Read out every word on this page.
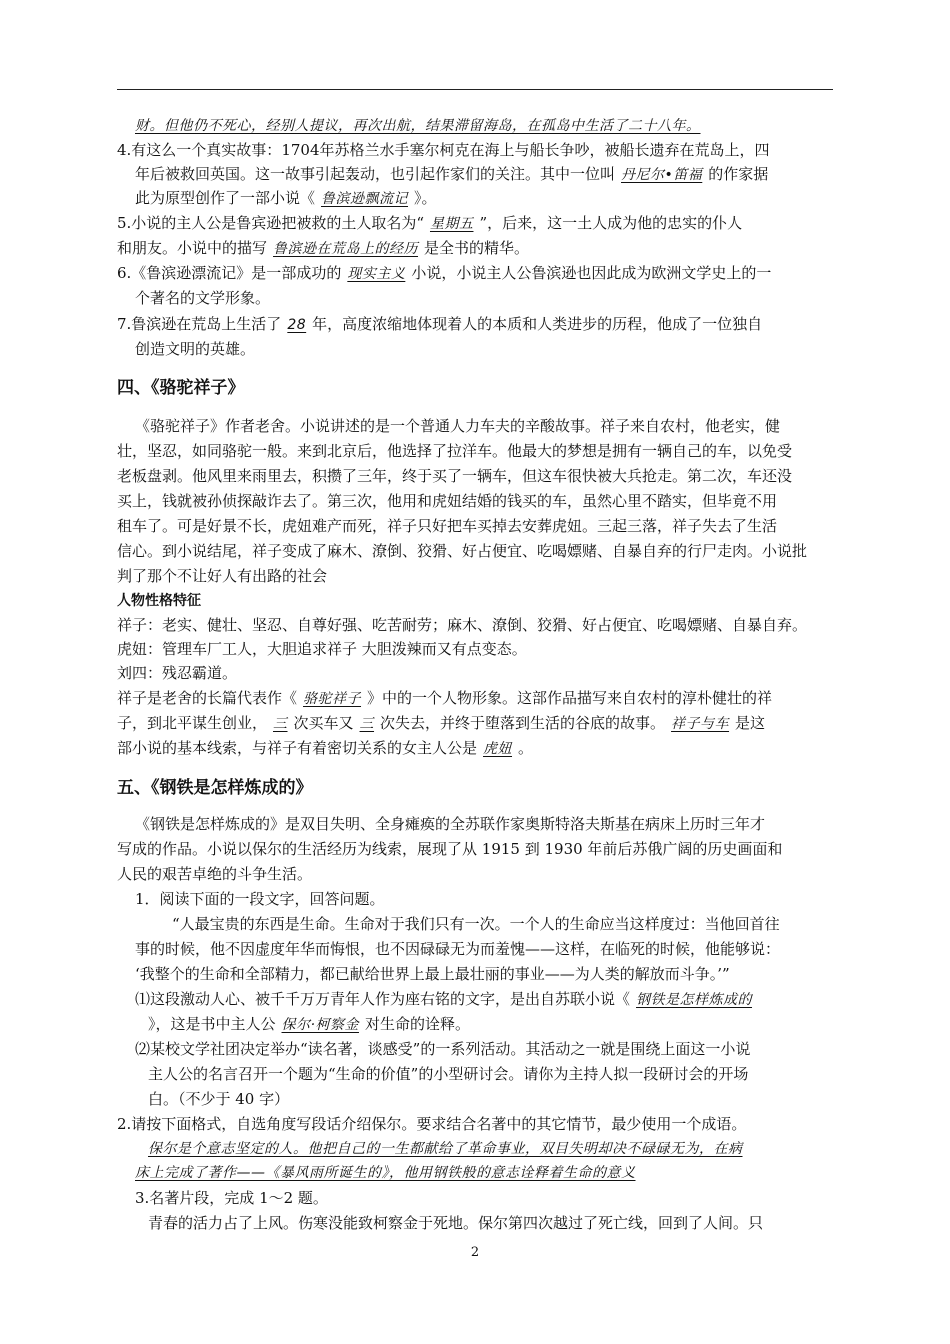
财。但他仍不死心，经别人提议，再次出航，结果滞留海岛，在孤岛中生活了二十八年。
4.有这么一个真实故事：1704年苏格兰水手塞尔柯克在海上与船长争吵，被船长遗弃在荒岛上，四
年后被救回英国。这一故事引起轰动，也引起作家们的关注。其中一位叫 丹尼尔•笛福 的作家据
此为原型创作了一部小说《 鲁滨逊飘流记 》。
5.小说的主人公是鲁宾逊把被救的土人取名为“ 星期五 ”，后来，这一土人成为他的忠实的仆人
和朋友。小说中的描写 鲁滨逊在荒岛上的经历 是全书的精华。
6.《鲁滨逊漂流记》是一部成功的 现实主义 小说，小说主人公鲁滨逊也因此成为欧洲文学史上的一
个著名的文学形象。
7.鲁滨逊在荒岛上生活了 28 年，高度浓缩地体现着人的本质和人类进步的历程，他成了一位独自
创造文明的英雄。
四、《骆驼祥子》
《骆驼祥子》作者老舍。小说讲述的是一个普通人力车夫的辛酸故事。祥子来自农村，他老实，健
壮，坚忍，如同骆驼一般。来到北京后，他选择了拉洋车。他最大的梦想是拥有一辆自己的车，以免受
老板盘剥。他风里来雨里去，积攒了三年，终于买了一辆车，但这车很快被大兵抢走。第二次，车还没
买上，钱就被孙侦探敲诈去了。第三次，他用和虎妞结婚的钱买的车，虽然心里不踏实，但毕竟不用
租车了。可是好景不长，虎妞难产而死，祥子只好把车买掉去安葬虎妞。三起三落，祥子失去了生活
信心。到小说结尾，祥子变成了麻木、潦倒、狡猾、好占便宜、吃喝嫖赌、自暴自弃的行尸走肉。小说批
判了那个不让好人有出路的社会
人物性格特征
祥子：老实、健壮、坚忍、自尊好强、吃苦耐劳；麻木、潦倒、狡猾、好占便宜、吃喝嫖赌、自暴自弃。
虎妞：管理车厂工人，大胆追求祥子 大胆泼辣而又有点变态。
刘四：残忍霸道。
祥子是老舍的长篇代表作《 骆驼祥子 》中的一个人物形象。这部作品描写来自农村的淳朴健壮的祥
子，到北平谋生创业， 三 次买车又 三 次失去，并终于堕落到生活的谷底的故事。 祥子与车 是这
部小说的基本线索，与祥子有着密切关系的女主人公是 虎妞 。
五、《钢铁是怎样炼成的》
《钢铁是怎样炼成的》是双目失明、全身瘫痪的全苏联作家奥斯特洛夫斯基在病床上历时三年才
写成的作品。小说以保尔的生活经历为线索，展现了从 1915 到 1930 年前后苏俄广阔的历史画面和
人民的艰苦卓绝的斗争生活。
1．阅读下面的一段文字，回答问题。
“人最宝贵的东西是生命。生命对于我们只有一次。一个人的生命应当这样度过：当他回首往
事的时候，他不因虚度年华而悔恨，也不因碌碌无为而羞愧——这样，在临死的时候，他能够说：
‘我整个的生命和全部精力，都已献给世界上最上最壮丽的事业——为人类的解放而斗争。’”
⑴这段激动人心、被千千万万青年人作为座右铭的文字，是出自苏联小说《 钢铁是怎样炼成的
》，这是书中主人公 保尔·柯察金 对生命的诠释。
⑵某校文学社团决定举办“读名著，谈感受”的一系列活动。其活动之一就是围绕上面这一小说
主人公的名言召开一个题为“生命的价值”的小型研讨会。请你为主持人拟一段研讨会的开场
白。（不少于 40 字）
2.请按下面格式，自选角度写段话介绍保尔。要求结合名著中的其它情节，最少使用一个成语。
保尔是个意志坚定的人。他把自己的一生都献给了革命事业，双目失明却决不碌碌无为，在病
床上完成了著作——《暴风雨所诞生的》，他用钢铁般的意志诠释着生命的意义
3.名著片段，完成 1～2 题。
青春的活力占了上风。伤寒没能致柯察金于死地。保尔第四次越过了死亡线，回到了人间。只
2
